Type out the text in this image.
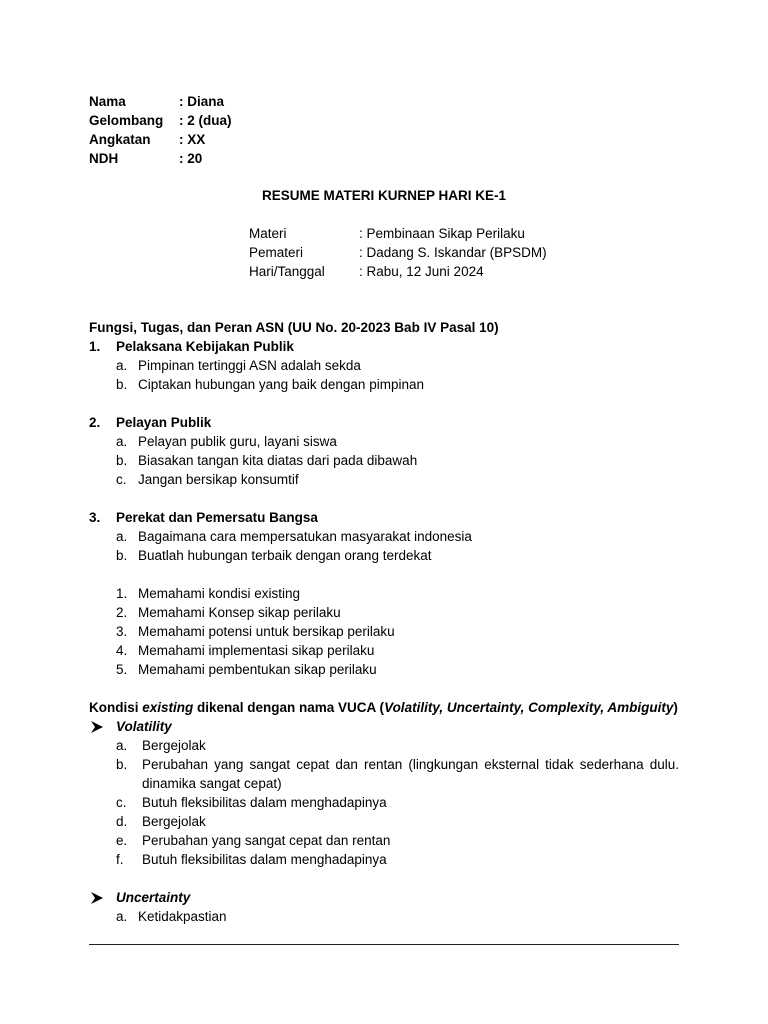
Nama	: Diana
Gelombang : 2 (dua)
Angkatan : XX
NDH	: 20
RESUME MATERI KURNEP HARI KE-1
Materi	: Pembinaan Sikap Perilaku
Pemateri	: Dadang S. Iskandar (BPSDM)
Hari/Tanggal	: Rabu, 12 Juni 2024
Fungsi, Tugas, dan Peran ASN (UU No. 20-2023 Bab IV Pasal 10)
1. Pelaksana Kebijakan Publik
a. Pimpinan tertinggi ASN adalah sekda
b. Ciptakan hubungan yang baik dengan pimpinan
2. Pelayan Publik
a. Pelayan publik guru, layani siswa
b. Biasakan tangan kita diatas dari pada dibawah
c. Jangan bersikap konsumtif
3. Perekat dan Pemersatu Bangsa
a. Bagaimana cara mempersatukan masyarakat indonesia
b. Buatlah hubungan terbaik dengan orang terdekat
1. Memahami kondisi existing
2. Memahami Konsep sikap perilaku
3. Memahami potensi untuk bersikap perilaku
4. Memahami implementasi sikap perilaku
5. Memahami pembentukan sikap perilaku
Kondisi existing dikenal dengan nama VUCA (Volatility, Uncertainty, Complexity, Ambiguity)
Volatility
a. Bergejolak
b. Perubahan yang sangat cepat dan rentan (lingkungan eksternal tidak sederhana dulu. dinamika sangat cepat)
c. Butuh fleksibilitas dalam menghadapinya
d. Bergejolak
e. Perubahan yang sangat cepat dan rentan
f. Butuh fleksibilitas dalam menghadapinya
Uncertainty
a. Ketidakpastian
